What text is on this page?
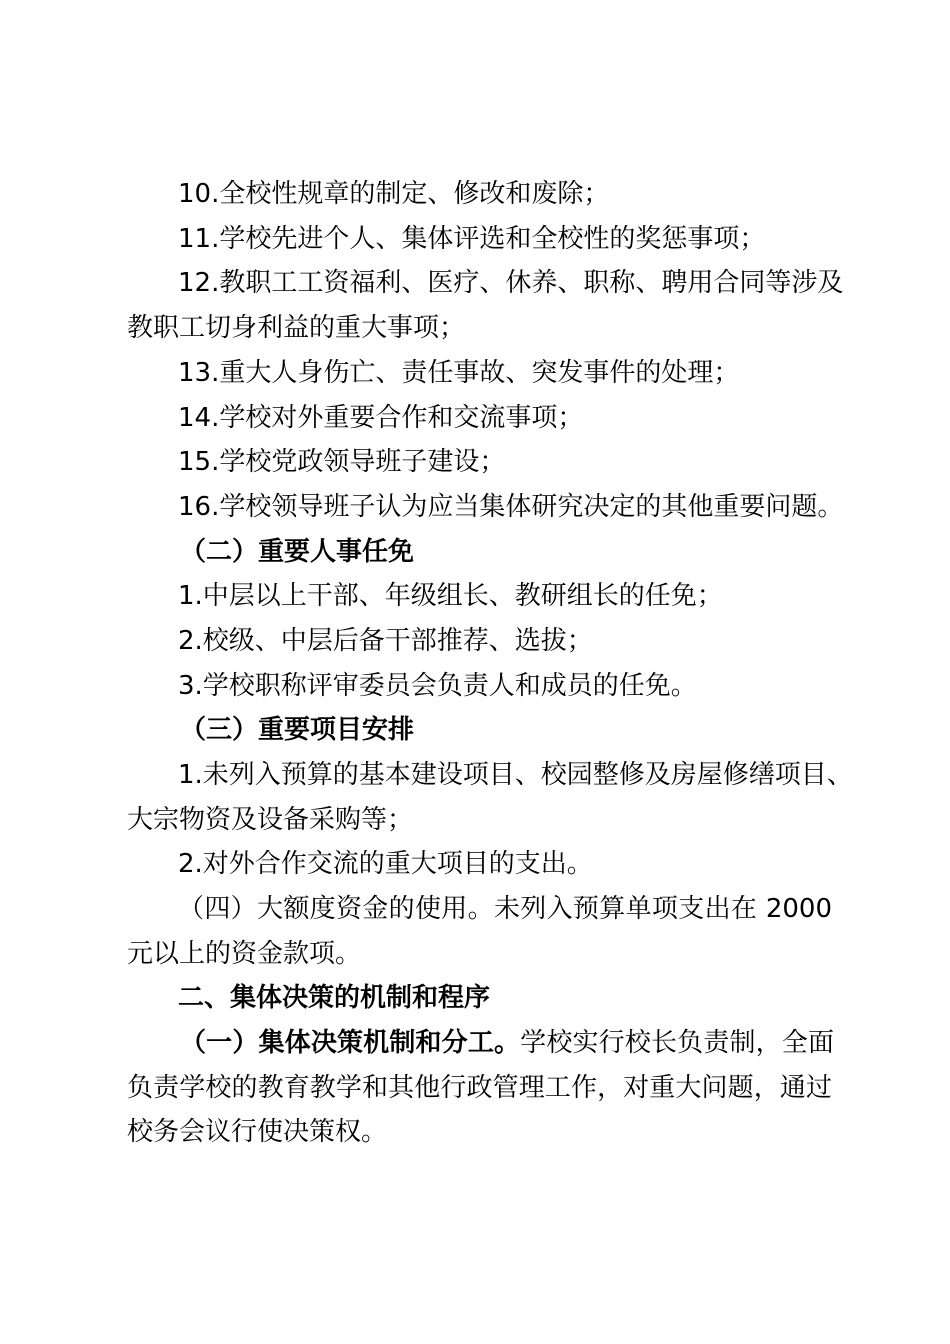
10.全校性规章的制定、修改和废除；
11.学校先进个人、集体评选和全校性的奖惩事项；
12.教职工工资福利、医疗、休养、职称、聘用合同等涉及
教职工切身利益的重大事项；
13.重大人身伤亡、责任事故、突发事件的处理；
14.学校对外重要合作和交流事项；
15.学校党政领导班子建设；
16.学校领导班子认为应当集体研究决定的其他重要问题。
（二）重要人事任免
1.中层以上干部、年级组长、教研组长的任免；
2.校级、中层后备干部推荐、选拔；
3.学校职称评审委员会负责人和成员的任免。
（三）重要项目安排
1.未列入预算的基本建设项目、校园整修及房屋修缮项目、
大宗物资及设备采购等；
2.对外合作交流的重大项目的支出。
（四）大额度资金的使用。未列入预算单项支出在 2000
元以上的资金款项。
二、集体决策的机制和程序
（一）集体决策机制和分工。学校实行校长负责制，全面
负责学校的教育教学和其他行政管理工作，对重大问题，通过
校务会议行使决策权。
